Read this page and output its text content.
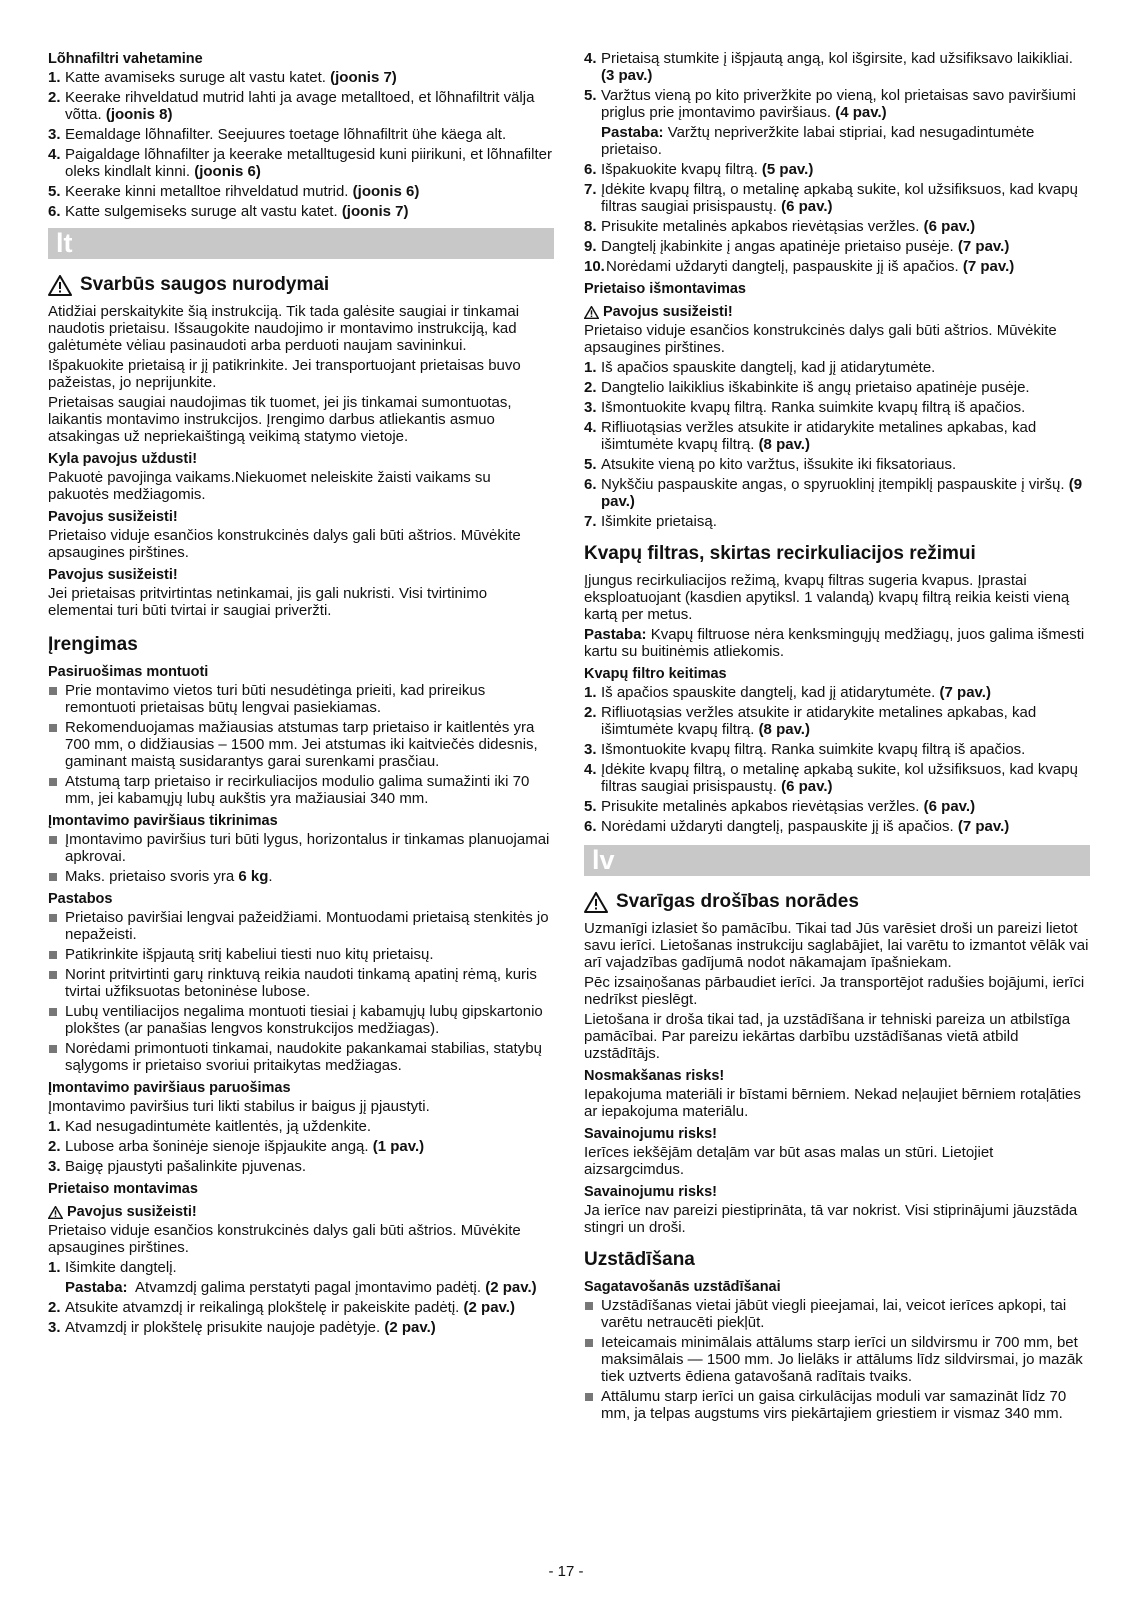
Lõhnafiltri vahetamine

1. Katte avamiseks suruge alt vastu katet. (joonis 7)

2. Keerake rihveldatud mutrid lahti ja avage metalltoed, et lõhnafiltrit välja võtta. (joonis 8)

3. Eemaldage lõhnafilter. Seejuures toetage lõhnafiltrit ühe käega alt.

4. Paigaldage lõhnafilter ja keerake metalltugesid kuni piirikuni, et lõhnafilter oleks kindlalt kinni. (joonis 6)

5. Keerake kinni metalltoe rihveldatud mutrid. (joonis 6)

6. Katte sulgemiseks suruge alt vastu katet. (joonis 7)

lt
Svarbūs saugos nurodymai

Atidžiai perskaitykite šią instrukciją. Tik tada galėsite saugiai ir tinkamai naudotis prietaisu. Išsaugokite naudojimo ir montavimo instrukciją, kad galėtumėte vėliau pasinaudoti arba perduoti naujam savininkui.

Išpakuokite prietaisą ir jį patikrinkite. Jei transportuojant prietaisas buvo pažeistas, jo neprijunkite.

Prietaisas saugiai naudojimas tik tuomet, jei jis tinkamai sumontuotas, laikantis montavimo instrukcijos. Įrengimo darbus atliekantis asmuo atsakingas už nepriekaištingą veikimą statymo vietoje.

Kyla pavojus uždusti!

Pakuotė pavojinga vaikams.Niekuomet neleiskite žaisti vaikams su pakuotės medžiagomis.

Pavojus susižeisti!

Prietaiso viduje esančios konstrukcinės dalys gali būti aštrios. Mūvėkite apsaugines pirštines.

Pavojus susižeisti!

Jei prietaisas pritvirtintas netinkamai, jis gali nukristi. Visi tvirtinimo elementai turi būti tvirtai ir saugiai priveržti.

Įrengimas

Pasiruošimas montuoti

Prie montavimo vietos turi būti nesudėtinga prieiti, kad prireikus remontuoti prietaisas būtų lengvai pasiekiamas.

Rekomenduojamas mažiausias atstumas tarp prietaiso ir kaitlentės yra 700 mm, o didžiausias – 1500 mm. Jei atstumas iki kaitviečės didesnis, gaminant maistą susidarantys garai surenkami prasčiau.

Atstumą tarp prietaiso ir recirkuliacijos modulio galima sumažinti iki 70 mm, jei kabamųjų lubų aukštis yra mažiausiai 340 mm.

Įmontavimo paviršiaus tikrinimas

Įmontavimo paviršius turi būti lygus, horizontalus ir tinkamas planuojamai apkrovai.

Maks. prietaiso svoris yra 6 kg.

Pastabos

Prietaiso paviršiai lengvai pažeidžiami. Montuodami prietaisą stenkitės jo nepažeisti.

Patikrinkite išpjautą sritį kabeliui tiesti nuo kitų prietaisų.

Norint pritvirtinti garų rinktuvą reikia naudoti tinkamą apatinį rėmą, kuris tvirtai užfiksuotas betoninėse lubose.

Lubų ventiliacijos negalima montuoti tiesiai į kabamųjų lubų gipskartonio plokštes (ar panašias lengvos konstrukcijos medžiagas).

Norėdami primontuoti tinkamai, naudokite pakankamai stabilias, statybų sąlygoms ir prietaiso svoriui pritaikytas medžiagas.

Įmontavimo paviršiaus paruošimas

Įmontavimo paviršius turi likti stabilus ir baigus jį pjaustyti.

1. Kad nesugadintumėte kaitlentės, ją uždenkite.

2. Lubose arba šoninėje sienoje išpjaukite angą. (1 pav.)

3. Baigę pjaustyti pašalinkite pjuvenas.

Prietaiso montavimas

Pavojus susižeisti!

Prietaiso viduje esančios konstrukcinės dalys gali būti aštrios. Mūvėkite apsaugines pirštines.

1. Išimkite dangtelį.

Pastaba: Atvamzdį galima perstatyti pagal įmontavimo padėtį. (2 pav.)

2. Atsukite atvamzdį ir reikalingą plokštelę ir pakeiskite padėtį. (2 pav.)

3. Atvamzdį ir plokštelę prisukite naujoje padėtyje. (2 pav.)

4. Prietaisą stumkite į išpjautą angą, kol išgirsite, kad užsifiksavo laikikliai. (3 pav.)

5. Varžtus vieną po kito priveržkite po vieną, kol prietaisas savo paviršiumi priglus prie įmontavimo paviršiaus. (4 pav.)

Pastaba: Varžtų nepriveržkite labai stipriai, kad nesugadintumėte prietaiso.

6. Išpakuokite kvapų filtrą. (5 pav.)

7. Įdėkite kvapų filtrą, o metalinę apkabą sukite, kol užsifiksuos, kad kvapų filtras saugiai prisispaustų. (6 pav.)

8. Prisukite metalinės apkabos rievėtąsias veržles. (6 pav.)

9. Dangtelį įkabinkite į angas apatinėje prietaiso pusėje. (7 pav.)

10.Norėdami uždaryti dangtelį, paspauskite jį iš apačios. (7 pav.)

Prietaiso išmontavimas

Pavojus susižeisti!

Prietaiso viduje esančios konstrukcinės dalys gali būti aštrios. Mūvėkite apsaugines pirštines.

1. Iš apačios spauskite dangtelį, kad jį atidarytumėte.

2. Dangtelio laikiklius iškabinkite iš angų prietaiso apatinėje pusėje.

3. Išmontuokite kvapų filtrą. Ranka suimkite kvapų filtrą iš apačios.

4. Rifliuotąsias veržles atsukite ir atidarykite metalines apkabas, kad išimtumėte kvapų filtrą. (8 pav.)

5. Atsukite vieną po kito varžtus, išsukite iki fiksatoriaus.

6. Nykščiu paspauskite angas, o spyruoklinį įtempiklį paspauskite į viršų. (9 pav.)

7. Išimkite prietaisą.

Kvapų filtras, skirtas recirkuliacijos režimui

Įjungus recirkuliacijos režimą, kvapų filtras sugeria kvapus. Įprastai eksploatuojant (kasdien apytiksl. 1 valandą) kvapų filtrą reikia keisti vieną kartą per metus.

Pastaba: Kvapų filtruose nėra kenksmingųjų medžiagų, juos galima išmesti kartu su buitinėmis atliekomis.

Kvapų filtro keitimas

1. Iš apačios spauskite dangtelį, kad jį atidarytumėte. (7 pav.)

2. Rifliuotąsias veržles atsukite ir atidarykite metalines apkabas, kad išimtumėte kvapų filtrą. (8 pav.)

3. Išmontuokite kvapų filtrą. Ranka suimkite kvapų filtrą iš apačios.

4. Įdėkite kvapų filtrą, o metalinę apkabą sukite, kol užsifiksuos, kad kvapų filtras saugiai prisispaustų. (6 pav.)

5. Prisukite metalinės apkabos rievėtąsias veržles. (6 pav.)

6. Norėdami uždaryti dangtelį, paspauskite jį iš apačios. (7 pav.)

lv
Svarīgas drošības norādes

Uzmanīgi izlasiet šo pamācību. Tikai tad Jūs varēsiet droši un pareizi lietot savu ierīci. Lietošanas instrukciju saglabājiet, lai varētu to izmantot vēlāk vai arī vajadzības gadījumā nodot nākamajam īpašniekam.

Pēc izsaiņošanas pārbaudiet ierīci. Ja transportējot radušies bojājumi, ierīci nedrīkst pieslēgt.

Lietošana ir droša tikai tad, ja uzstādīšana ir tehniski pareiza un atbilstīga pamācībai. Par pareizu iekārtas darbību uzstādīšanas vietā atbild uzstādītājs.

Nosmakšanas risks!

Iepakojuma materiāli ir bīstami bērniem. Nekad neļaujiet bērniem rotaļāties ar iepakojuma materiālu.

Savainojumu risks!

Ierīces iekšējām detaļām var būt asas malas un stūri. Lietojiet aizsargcimdus.

Savainojumu risks!

Ja ierīce nav pareizi piestiprināta, tā var nokrist. Visi stiprinājumi jāuzstāda stingri un droši.

Uzstādīšana

Sagatavošanās uzstādīšanai

Uzstādīšanas vietai jābūt viegli pieejamai, lai, veicot ierīces apkopi, tai varētu netraucēti piekļūt.

Ieteicamais minimālais attālums starp ierīci un sildvirsmu ir 700 mm, bet maksimālais — 1500 mm. Jo lielāks ir attālums līdz sildvirsmai, jo mazāk tiek uztverts ēdiena gatavošanā radītais tvaiks.

Attālumu starp ierīci un gaisa cirkulācijas moduli var samazināt līdz 70 mm, ja telpas augstums virs piekārtajiem griestiem ir vismaz 340 mm.

- 17 -
